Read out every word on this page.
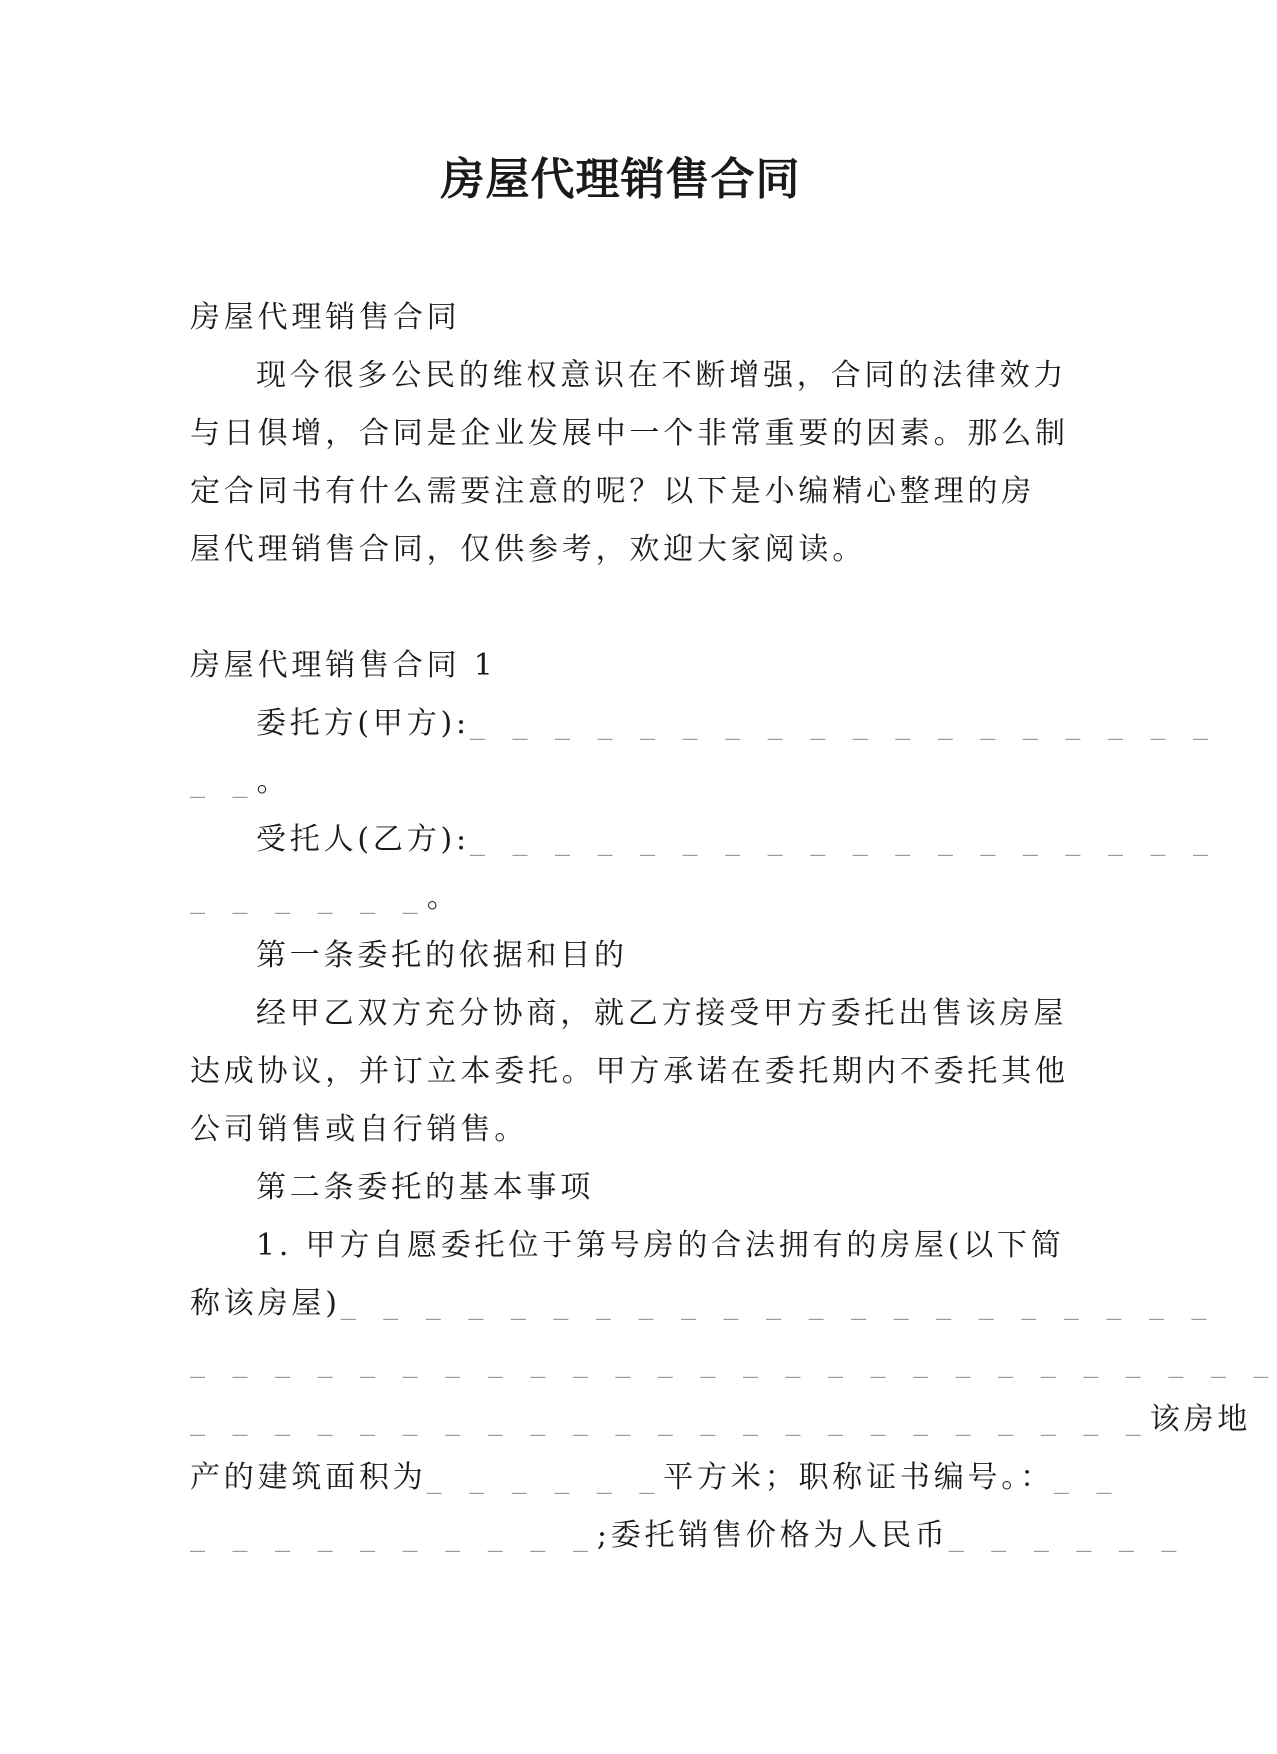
房屋代理销售合同
房屋代理销售合同
现今很多公民的维权意识在不断增强，合同的法律效力
与日俱增，合同是企业发展中一个非常重要的因素。那么制
定合同书有什么需要注意的呢？以下是小编精心整理的房
屋代理销售合同，仅供参考，欢迎大家阅读。
房屋代理销售合同 1
委托方(甲方):_ _ _ _ _ _ _ _ _ _ _ _ _ _ _ _ _ _
_ _。
受托人(乙方):_ _ _ _ _ _ _ _ _ _ _ _ _ _ _ _ _ _
_ _ _ _ _ _。
第一条委托的依据和目的
经甲乙双方充分协商，就乙方接受甲方委托出售该房屋
达成协议，并订立本委托。甲方承诺在委托期内不委托其他
公司销售或自行销售。
第二条委托的基本事项
1. 甲方自愿委托位于第号房的合法拥有的房屋(以下简
称该房屋)_ _ _ _ _ _ _ _ _ _ _ _ _ _ _ _ _ _ _ _ _
_ _ _ _ _ _ _ _ _ _ _ _ _ _ _ _ _ _ _ _ _ _ _ _ _ _
_ _ _ _ _ _ _ _ _ _ _ _ _ _ _ _ _ _ _ _ _ _ _该房地
产的建筑面积为_ _ _ _ _ _平方米；职称证书编号。：_ _
_ _ _ _ _ _ _ _ _ _;委托销售价格为人民币_ _ _ _ _ _
